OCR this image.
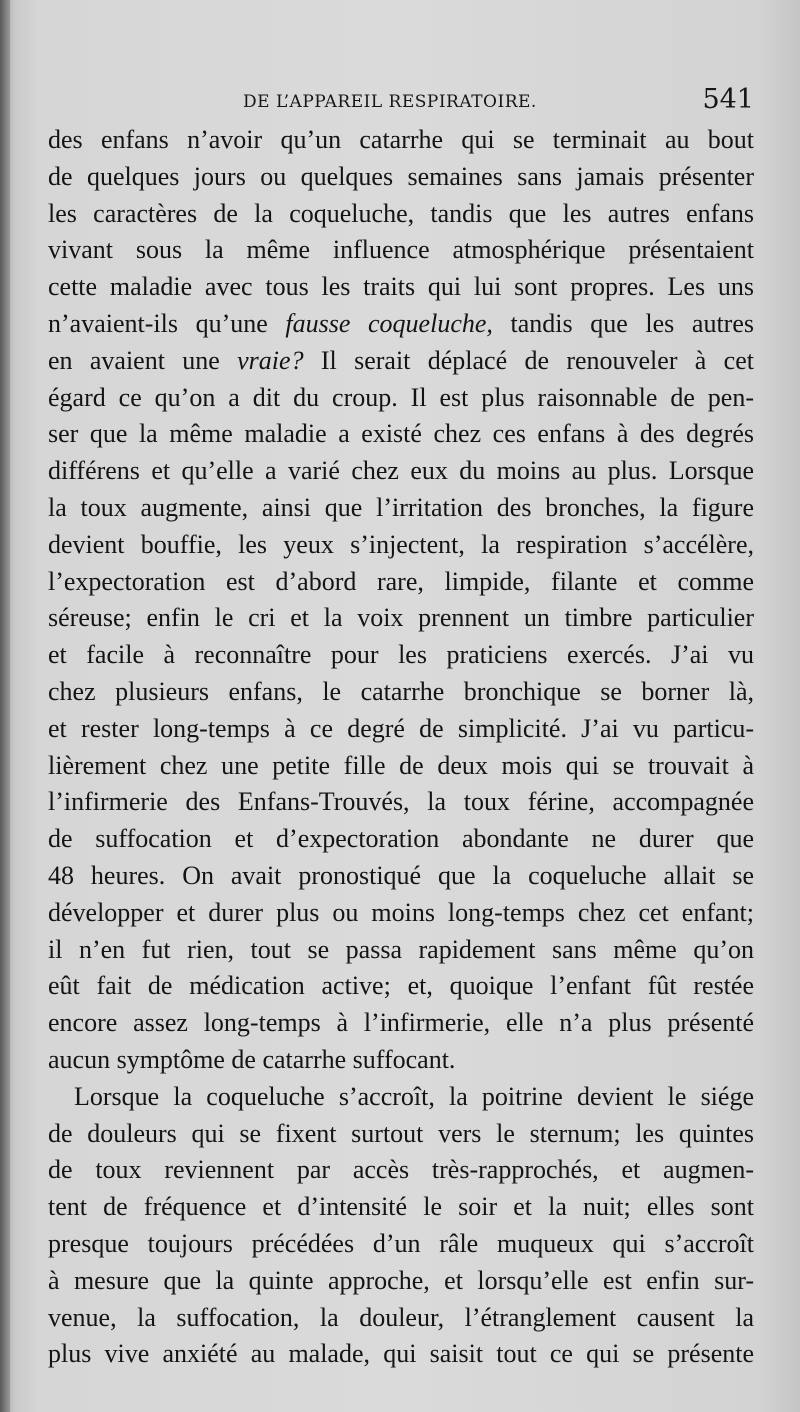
DE L’APPAREIL RESPIRATOIRE.	541
des enfans n’avoir qu’un catarrhe qui se terminait au bout
de quelques jours ou quelques semaines sans jamais présenter
les caractères de la coqueluche, tandis que les autres enfans
vivant sous la même influence atmosphérique présentaient
cette maladie avec tous les traits qui lui sont propres. Les uns
n’avaient-ils qu’une fausse coqueluche, tandis que les autres
en avaient une vraie? Il serait déplacé de renouveler à cet
égard ce qu’on a dit du croup. Il est plus raisonnable de pen-
ser que la même maladie a existé chez ces enfans à des degrés
différens et qu’elle a varié chez eux du moins au plus. Lorsque
la toux augmente, ainsi que l’irritation des bronches, la figure
devient bouffie, les yeux s’injectent, la respiration s’accélère,
l’expectoration est d’abord rare, limpide, filante et comme
séreuse; enfin le cri et la voix prennent un timbre particulier
et facile à reconnaître pour les praticiens exercés. J’ai vu
chez plusieurs enfans, le catarrhe bronchique se borner là,
et rester long-temps à ce degré de simplicité. J’ai vu particu-
lièrement chez une petite fille de deux mois qui se trouvait à
l’infirmerie des Enfans-Trouvés, la toux férine, accompagnée
de suffocation et d’expectoration abondante ne durer que
48 heures. On avait pronostiqué que la coqueluche allait se
développer et durer plus ou moins long-temps chez cet enfant;
il n’en fut rien, tout se passa rapidement sans même qu’on
eût fait de médication active; et, quoique l’enfant fût restée
encore assez long-temps à l’infirmerie, elle n’a plus présenté
aucun symptôme de catarrhe suffocant.
Lorsque la coqueluche s’accroît, la poitrine devient le siége
de douleurs qui se fixent surtout vers le sternum; les quintes
de toux reviennent par accès très-rapprochés, et augmen-
tent de fréquence et d’intensité le soir et la nuit; elles sont
presque toujours précédées d’un râle muqueux qui s’accroît
à mesure que la quinte approche, et lorsqu’elle est enfin sur-
venue, la suffocation, la douleur, l’étranglement causent la
plus vive anxiété au malade, qui saisit tout ce qui se présente
